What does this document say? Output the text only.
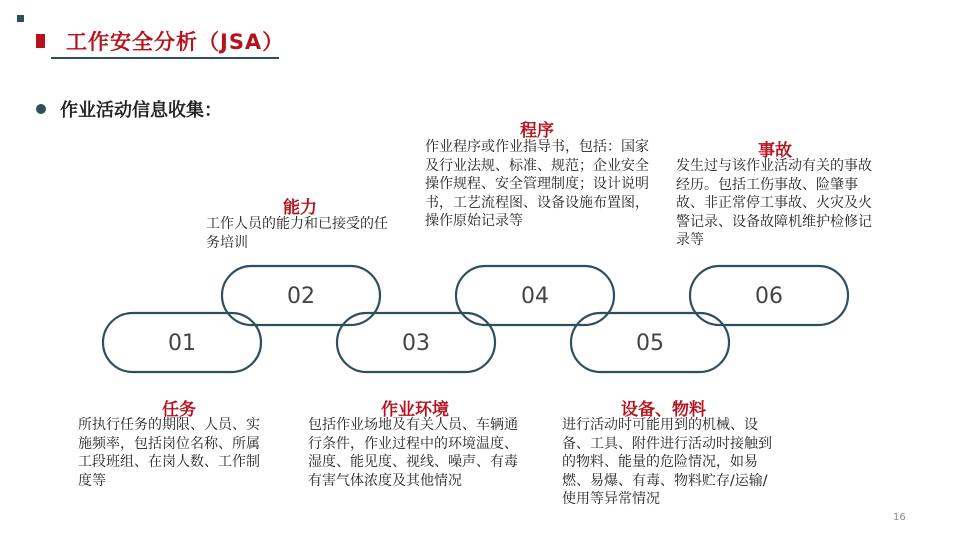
工作安全分析（JSA）
作业活动信息收集：
01	03	05
02	04	06
任务
所执行任务的期限、人员、实施频率，包括岗位名称、所属工段班组、在岗人数、工作制度等
能力
工作人员的能力和已接受的任务培训
作业环境
包括作业场地及有关人员、车辆通行条件，作业过程中的环境温度、湿度、能见度、视线、噪声、有毒有害气体浓度及其他情况
程序
作业程序或作业指导书，包括：国家及行业法规、标准、规范；企业安全操作规程、安全管理制度；设计说明书，工艺流程图、设备设施布置图，操作原始记录等
设备、物料
进行活动时可能用到的机械、设备、工具、附件进行活动时接触到的物料、能量的危险情况，如易燃、易爆、有毒、物料贮存/运输/使用等异常情况
事故
发生过与该作业活动有关的事故经历。包括工伤事故、险肇事故、非正常停工事故、火灾及火警记录、设备故障机维护检修记录等
16
